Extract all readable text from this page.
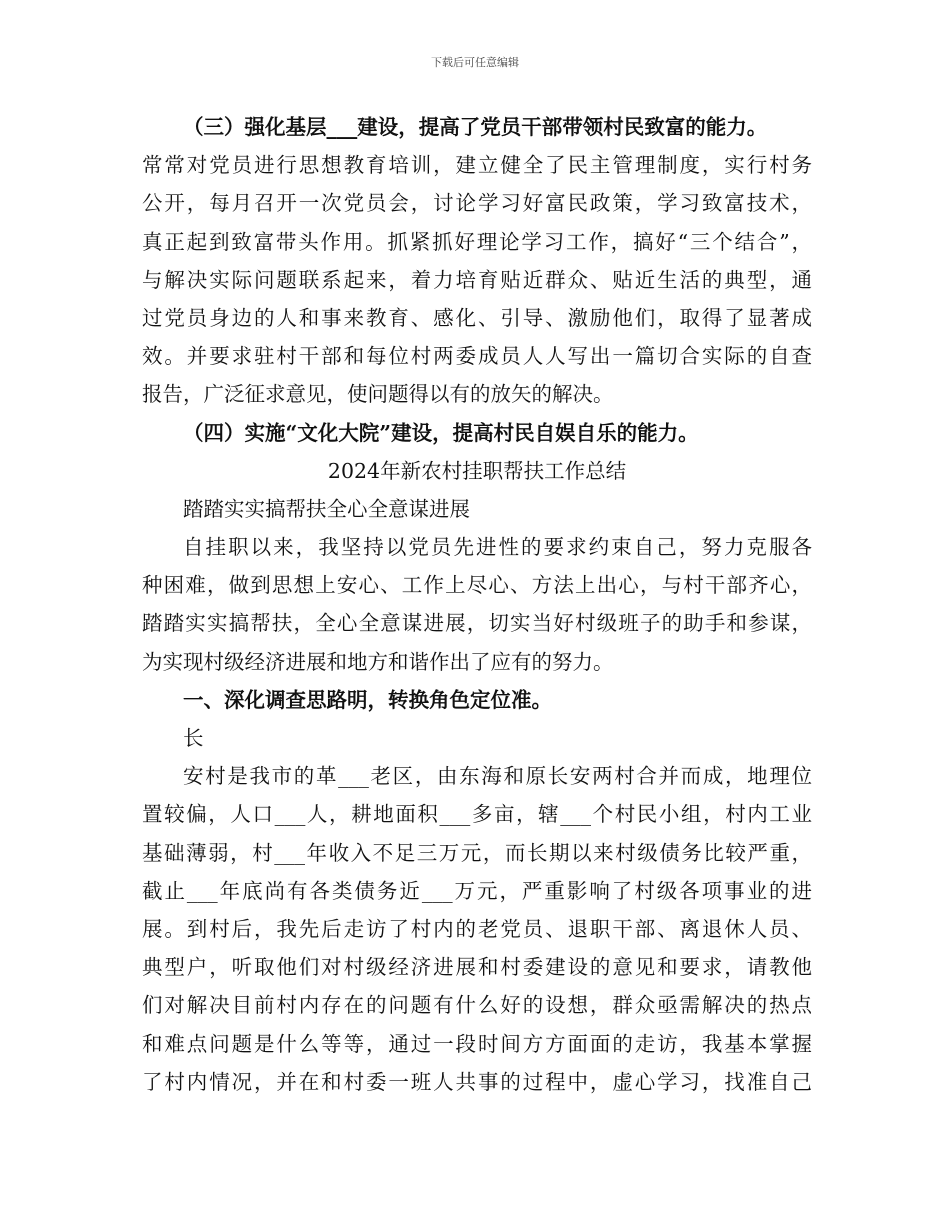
下载后可任意编辑
（三）强化基层___建设，提高了党员干部带领村民致富的能力。
常常对党员进行思想教育培训，建立健全了民主管理制度，实行村务
公开，每月召开一次党员会，讨论学习好富民政策，学习致富技术，
真正起到致富带头作用。抓紧抓好理论学习工作，搞好“三个结合”，
与解决实际问题联系起来，着力培育贴近群众、贴近生活的典型，通
过党员身边的人和事来教育、感化、引导、激励他们，取得了显著成
效。并要求驻村干部和每位村两委成员人人写出一篇切合实际的自查
报告，广泛征求意见，使问题得以有的放矢的解决。
（四）实施“文化大院”建设，提高村民自娱自乐的能力。
2024年新农村挂职帮扶工作总结
踏踏实实搞帮扶全心全意谋进展
自挂职以来，我坚持以党员先进性的要求约束自己，努力克服各
种困难，做到思想上安心、工作上尽心、方法上出心，与村干部齐心，
踏踏实实搞帮扶，全心全意谋进展，切实当好村级班子的助手和参谋，
为实现村级经济进展和地方和谐作出了应有的努力。
一、深化调查思路明，转换角色定位准。
长
安村是我市的革___老区，由东海和原长安两村合并而成，地理位
置较偏，人口___人，耕地面积___多亩，辖___个村民小组，村内工业
基础薄弱，村___年收入不足三万元，而长期以来村级债务比较严重，
截止___年底尚有各类债务近___万元，严重影响了村级各项事业的进
展。到村后，我先后走访了村内的老党员、退职干部、离退休人员、
典型户，听取他们对村级经济进展和村委建设的意见和要求，请教他
们对解决目前村内存在的问题有什么好的设想，群众亟需解决的热点
和难点问题是什么等等，通过一段时间方方面面的走访，我基本掌握
了村内情况，并在和村委一班人共事的过程中，虚心学习，找准自己
